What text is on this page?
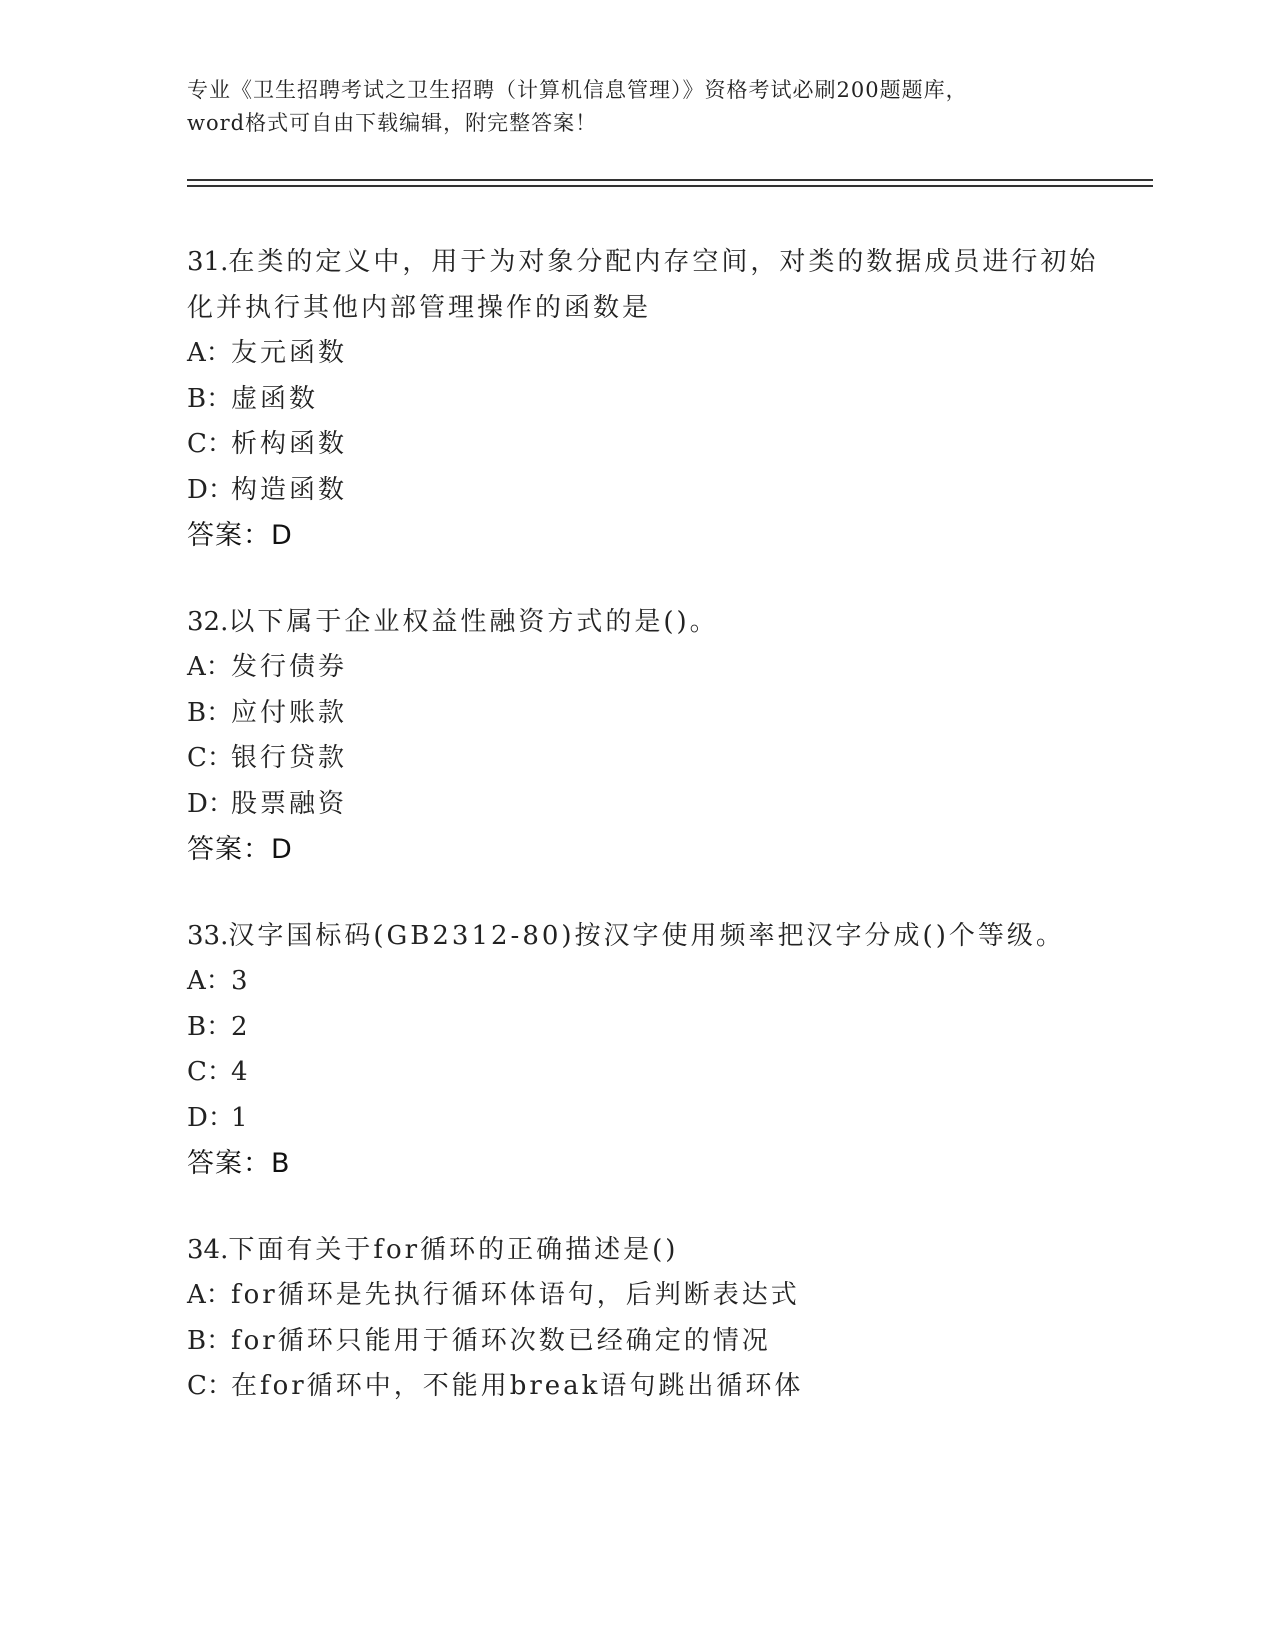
专业《卫生招聘考试之卫生招聘（计算机信息管理）》资格考试必刷200题题库，
word格式可自由下载编辑，附完整答案！
31.在类的定义中，用于为对象分配内存空间，对类的数据成员进行初始化并执行其他内部管理操作的函数是
A：友元函数
B：虚函数
C：析构函数
D：构造函数
答案：D
32.以下属于企业权益性融资方式的是()。
A：发行债券
B：应付账款
C：银行贷款
D：股票融资
答案：D
33.汉字国标码(GB2312-80)按汉字使用频率把汉字分成()个等级。
A：3
B：2
C：4
D：1
答案：B
34.下面有关于for循环的正确描述是()
A：for循环是先执行循环体语句，后判断表达式
B：for循环只能用于循环次数已经确定的情况
C：在for循环中，不能用break语句跳出循环体
